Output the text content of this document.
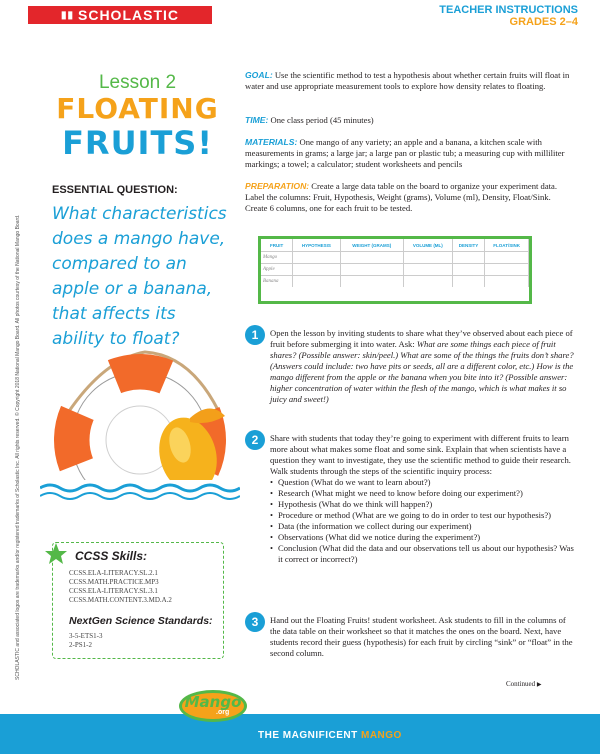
▮▮ SCHOLASTIC	TEACHER INSTRUCTIONS
GRADES 2–4
SCHOLASTIC and associated logos are trademarks and/or registered trademarks of Scholastic Inc. All rights reserved. © Copyright 2018 National Mango Board. All photos courtesy of the National Mango Board.
Lesson 2
FLOATING
FRUITS!
ESSENTIAL QUESTION:
What characteristics does a mango have, compared to an apple or a banana, that affects its ability to float?
CCSS Skills:
CCSS.ELA-LITERACY.SL.2.1
CCSS.MATH.PRACTICE.MP3
CCSS.ELA-LITERACY.SL.3.1
CCSS.MATH.CONTENT.3.MD.A.2
NextGen Science Standards:
3-5-ETS1-3
2-PS1-2

GOAL: Use the scientific method to test a hypothesis about whether certain fruits will float in water and use appropriate measurement tools to explore how density relates to floating.

TIME: One class period (45 minutes)

MATERIALS: One mango of any variety; an apple and a banana, a kitchen scale with measurements in grams; a large jar; a large pan or plastic tub; a measuring cup with milliliter markings; a towel; a calculator; student worksheets and pencils

PREPARATION: Create a large data table on the board to organize your experiment data. Label the columns: Fruit, Hypothesis, Weight (grams), Volume (ml), Density, Float/Sink. Create 6 columns, one for each fruit to be tested.

FRUIT	HYPOTHESIS	WEIGHT (GRAMS)	VOLUME (ML)	DENSITY	FLOAT/SINK
Mango					
Apple					
Banana					
1	Open the lesson by inviting students to share what they’ve observed about each piece of fruit before submerging it into water. Ask: What are some things each piece of fruit shares? (Possible answer: skin/peel.) What are some of the things the fruits don’t share? (Answers could include: two have pits or seeds, all are a different color, etc.) How is the mango different from the apple or the banana when you bite into it? (Possible answer: higher concentration of water within the flesh of the mango, which is what makes it so juicy and sweet!)

2	Share with students that today they’re going to experiment with different fruits to learn more about what makes some float and some sink. Explain that when scientists have a question they want to investigate, they use the scientific method to guide their research. Walk students through the steps of the scientific inquiry process:
• Question (What do we want to learn about?)
• Research (What might we need to know before doing our experiment?)
• Hypothesis (What do we think will happen?)
• Procedure or method (What are we going to do in order to test our hypothesis?)
• Data (the information we collect during our experiment)
• Observations (What did we notice during the experiment?)
• Conclusion (What did the data and our observations tell us about our hypothesis? Was it correct or incorrect?)
3	Hand out the Floating Fruits! student worksheet. Ask students to fill in the columns of the data table on their worksheet so that it matches the ones on the board. Next, have students record their guess (hypothesis) for each fruit by circling “sink” or “float” in the second column.

Continued ▶
THE MAGNIFICENT MANGO
Mango
.org
